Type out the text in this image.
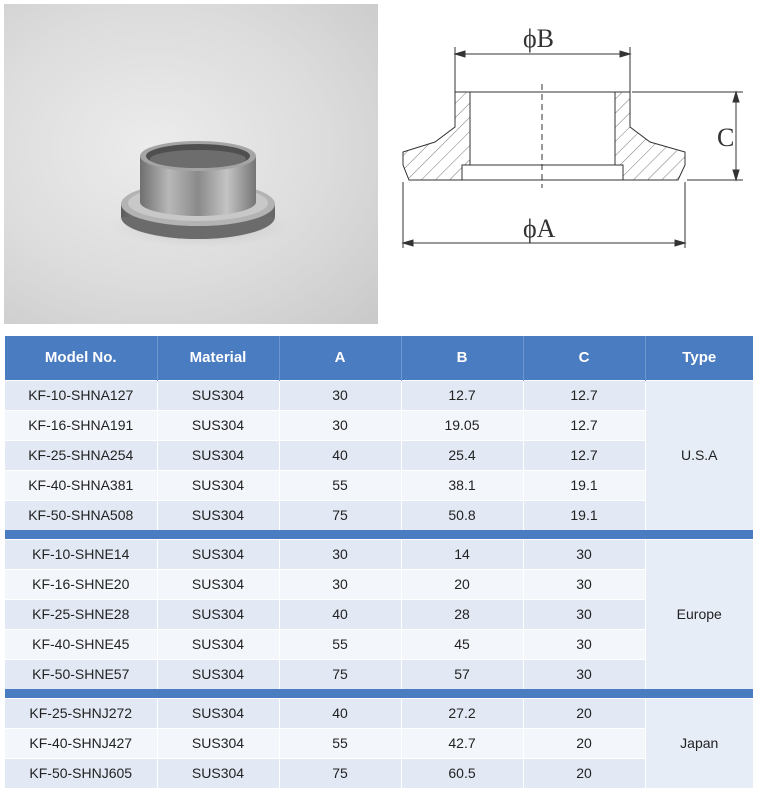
ϕB
C
ϕA
Model No.	Material	A	B	C	Type
KF-10-SHNA127	SUS304	30	12.7	12.7	U.S.A
KF-16-SHNA191	SUS304	30	19.05	12.7	
KF-25-SHNA254	SUS304	40	25.4	12.7	
KF-40-SHNA381	SUS304	55	38.1	19.1	
KF-50-SHNA508	SUS304	75	50.8	19.1	

KF-10-SHNE14	SUS304	30	14	30	Europe
KF-16-SHNE20	SUS304	30	20	30	
KF-25-SHNE28	SUS304	40	28	30	
KF-40-SHNE45	SUS304	55	45	30	
KF-50-SHNE57	SUS304	75	57	30	

KF-25-SHNJ272	SUS304	40	27.2	20	Japan
KF-40-SHNJ427	SUS304	55	42.7	20	
KF-50-SHNJ605	SUS304	75	60.5	20	
